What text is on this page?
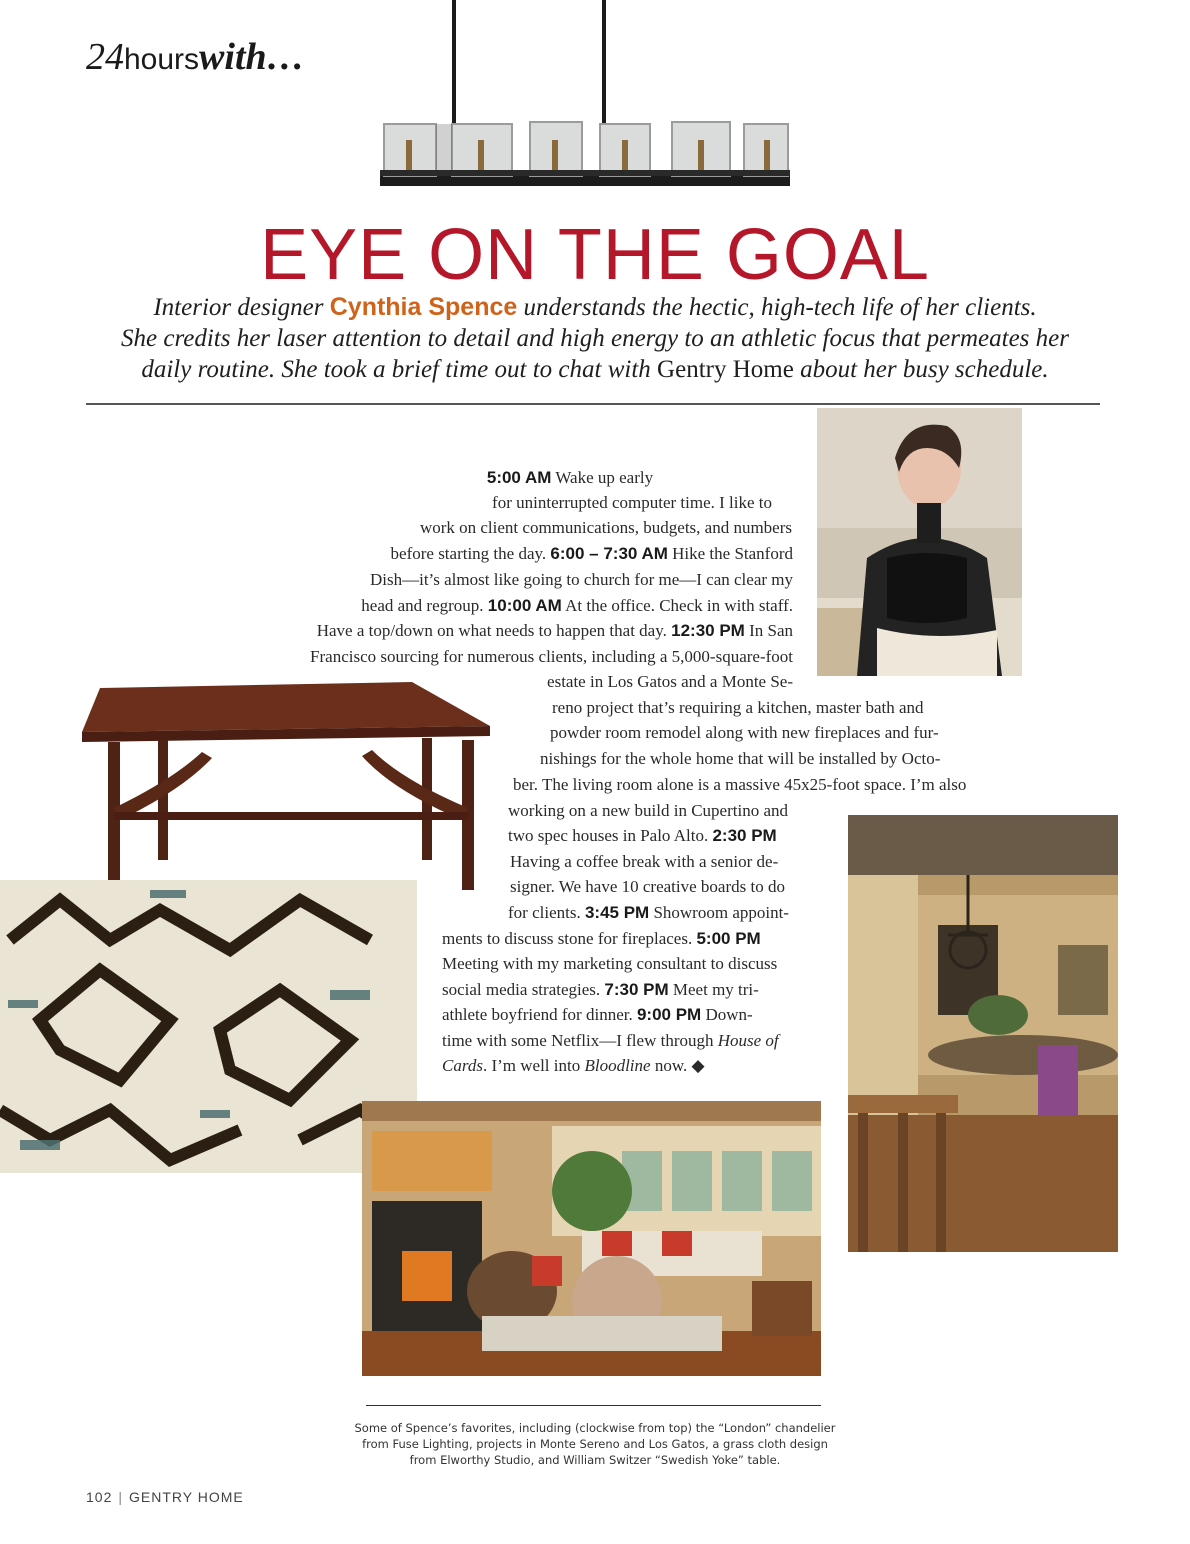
24hourswith…
EYE ON THE GOAL
Interior designer Cynthia Spence understands the hectic, high-tech life of her clients.
She credits her laser attention to detail and high energy to an athletic focus that permeates her
daily routine. She took a brief time out to chat with Gentry Home about her busy schedule.
5:00 AM Wake up early
for uninterrupted computer time. I like to
work on client communications, budgets, and numbers
before starting the day. 6:00 – 7:30 AM Hike the Stanford
Dish—it’s almost like going to church for me—I can clear my
head and regroup. 10:00 AM At the office. Check in with staff.
Have a top/down on what needs to happen that day. 12:30 PM In San
Francisco sourcing for numerous clients, including a 5,000-square-foot
estate in Los Gatos and a Monte Se-
reno project that’s requiring a kitchen, master bath and
powder room remodel along with new fireplaces and fur-
nishings for the whole home that will be installed by Octo-
ber. The living room alone is a massive 45x25-foot space. I’m also
working on a new build in Cupertino and
two spec houses in Palo Alto. 2:30 PM
Having a coffee break with a senior de-
signer. We have 10 creative boards to do
for clients. 3:45 PM Showroom appoint-
ments to discuss stone for fireplaces. 5:00 PM
Meeting with my marketing consultant to discuss
social media strategies. 7:30 PM Meet my tri-
athlete boyfriend for dinner. 9:00 PM Down-
time with some Netflix—I flew through House of
Cards. I’m well into Bloodline now. ◆
Some of Spence’s favorites, including (clockwise from top) the “London” chandelier
from Fuse Lighting, projects in Monte Sereno and Los Gatos, a grass cloth design
from Elworthy Studio, and William Switzer “Swedish Yoke” table.
102 | GENTRY HOME
